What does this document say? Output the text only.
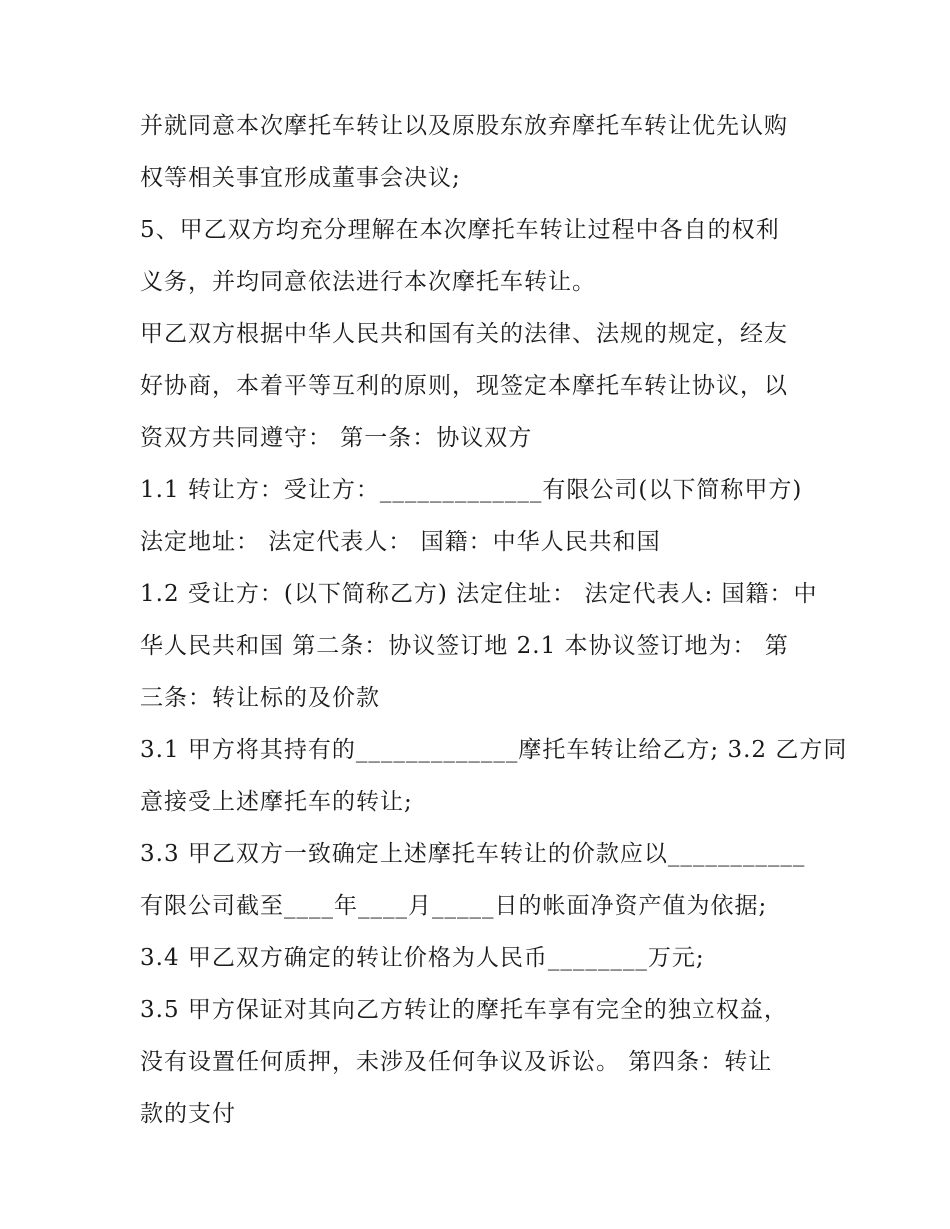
并就同意本次摩托车转让以及原股东放弃摩托车转让优先认购
权等相关事宜形成董事会决议;
5、甲乙双方均充分理解在本次摩托车转让过程中各自的权利
义务，并均同意依法进行本次摩托车转让。
甲乙双方根据中华人民共和国有关的法律、法规的规定，经友
好协商，本着平等互利的原则，现签定本摩托车转让协议，以
资双方共同遵守： 第一条：协议双方
1.1 转让方：受让方：_____________有限公司(以下简称甲方)
法定地址： 法定代表人： 国籍：中华人民共和国
1.2 受让方：(以下简称乙方) 法定住址： 法定代表人: 国籍：中
华人民共和国 第二条：协议签订地 2.1 本协议签订地为： 第
三条：转让标的及价款
3.1 甲方将其持有的_____________摩托车转让给乙方; 3.2 乙方同
意接受上述摩托车的转让;
3.3 甲乙双方一致确定上述摩托车转让的价款应以___________
有限公司截至____年____月_____日的帐面净资产值为依据;
3.4 甲乙双方确定的转让价格为人民币________万元;
3.5 甲方保证对其向乙方转让的摩托车享有完全的独立权益，
没有设置任何质押，未涉及任何争议及诉讼。 第四条：转让
款的支付
